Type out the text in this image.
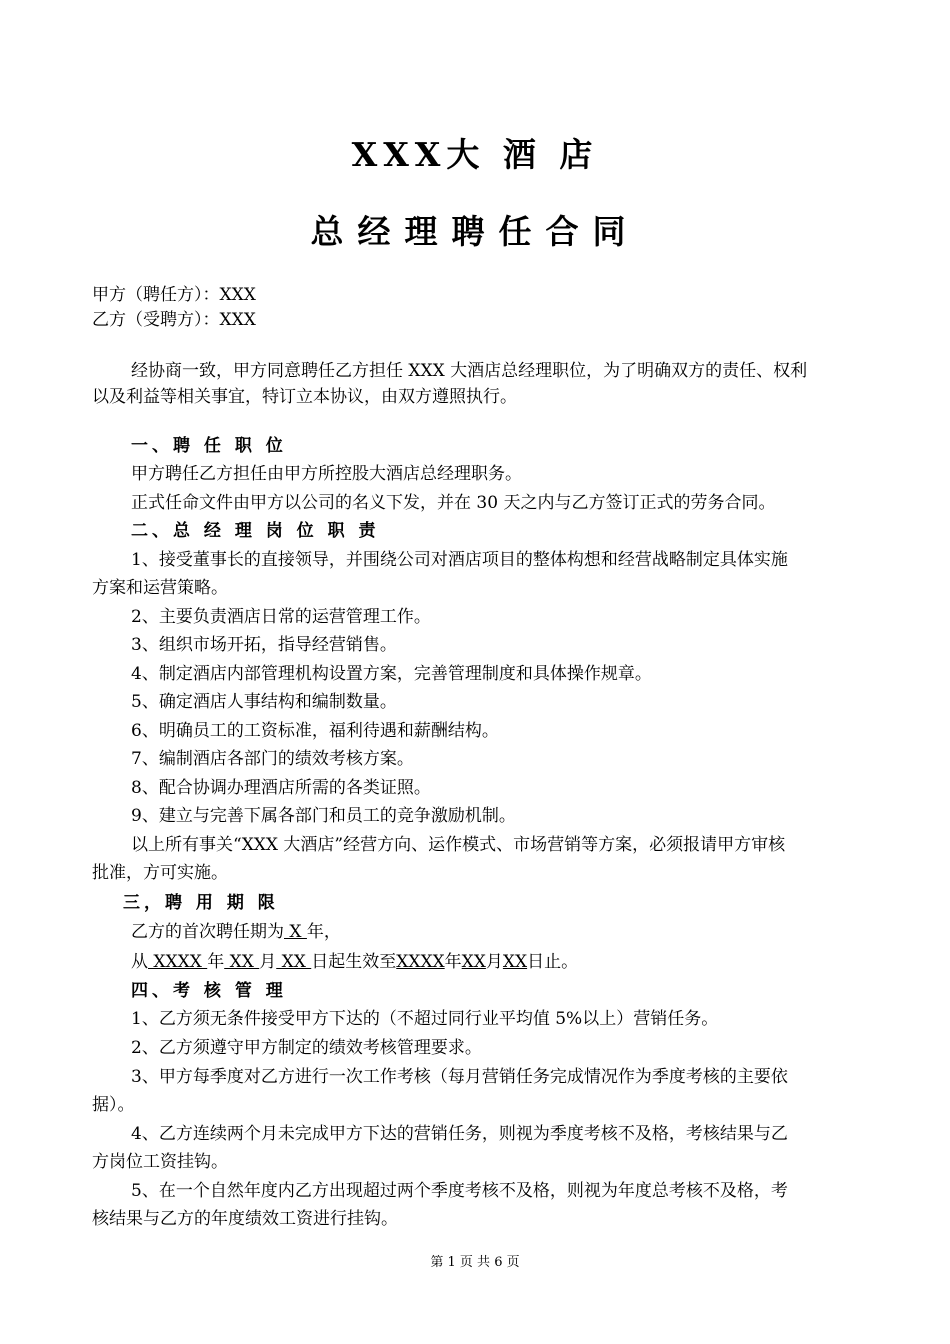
XXX大 酒 店
总经理聘任合同
甲方（聘任方）：XXX
乙方（受聘方）：XXX
经协商一致，甲方同意聘任乙方担任 XXX 大酒店总经理职位，为了明确双方的责任、权利
以及利益等相关事宜，特订立本协议，由双方遵照执行。
一、聘 任 职 位
甲方聘任乙方担任由甲方所控股大酒店总经理职务。
正式任命文件由甲方以公司的名义下发，并在 30 天之内与乙方签订正式的劳务合同。
二、总 经 理 岗 位 职 责
1、接受董事长的直接领导，并围绕公司对酒店项目的整体构想和经营战略制定具体实施
方案和运营策略。
2、主要负责酒店日常的运营管理工作。
3、组织市场开拓，指导经营销售。
4、制定酒店内部管理机构设置方案，完善管理制度和具体操作规章。
5、确定酒店人事结构和编制数量。
6、明确员工的工资标准，福利待遇和薪酬结构。
7、编制酒店各部门的绩效考核方案。
8、配合协调办理酒店所需的各类证照。
9、建立与完善下属各部门和员工的竞争激励机制。
以上所有事关“XXX 大酒店”经营方向、运作模式、市场营销等方案，必须报请甲方审核
批准，方可实施。
三，聘 用 期 限
乙方的首次聘任期为 X 年，
从 XXXX 年 XX 月 XX 日起生效至XXXX年XX月XX日止。
四、考 核 管 理
1、乙方须无条件接受甲方下达的（不超过同行业平均值 5%以上）营销任务。
2、乙方须遵守甲方制定的绩效考核管理要求。
3、甲方每季度对乙方进行一次工作考核（每月营销任务完成情况作为季度考核的主要依
据）。
4、乙方连续两个月未完成甲方下达的营销任务，则视为季度考核不及格，考核结果与乙
方岗位工资挂钩。
5、在一个自然年度内乙方出现超过两个季度考核不及格，则视为年度总考核不及格，考
核结果与乙方的年度绩效工资进行挂钩。
第 1 页 共 6 页
